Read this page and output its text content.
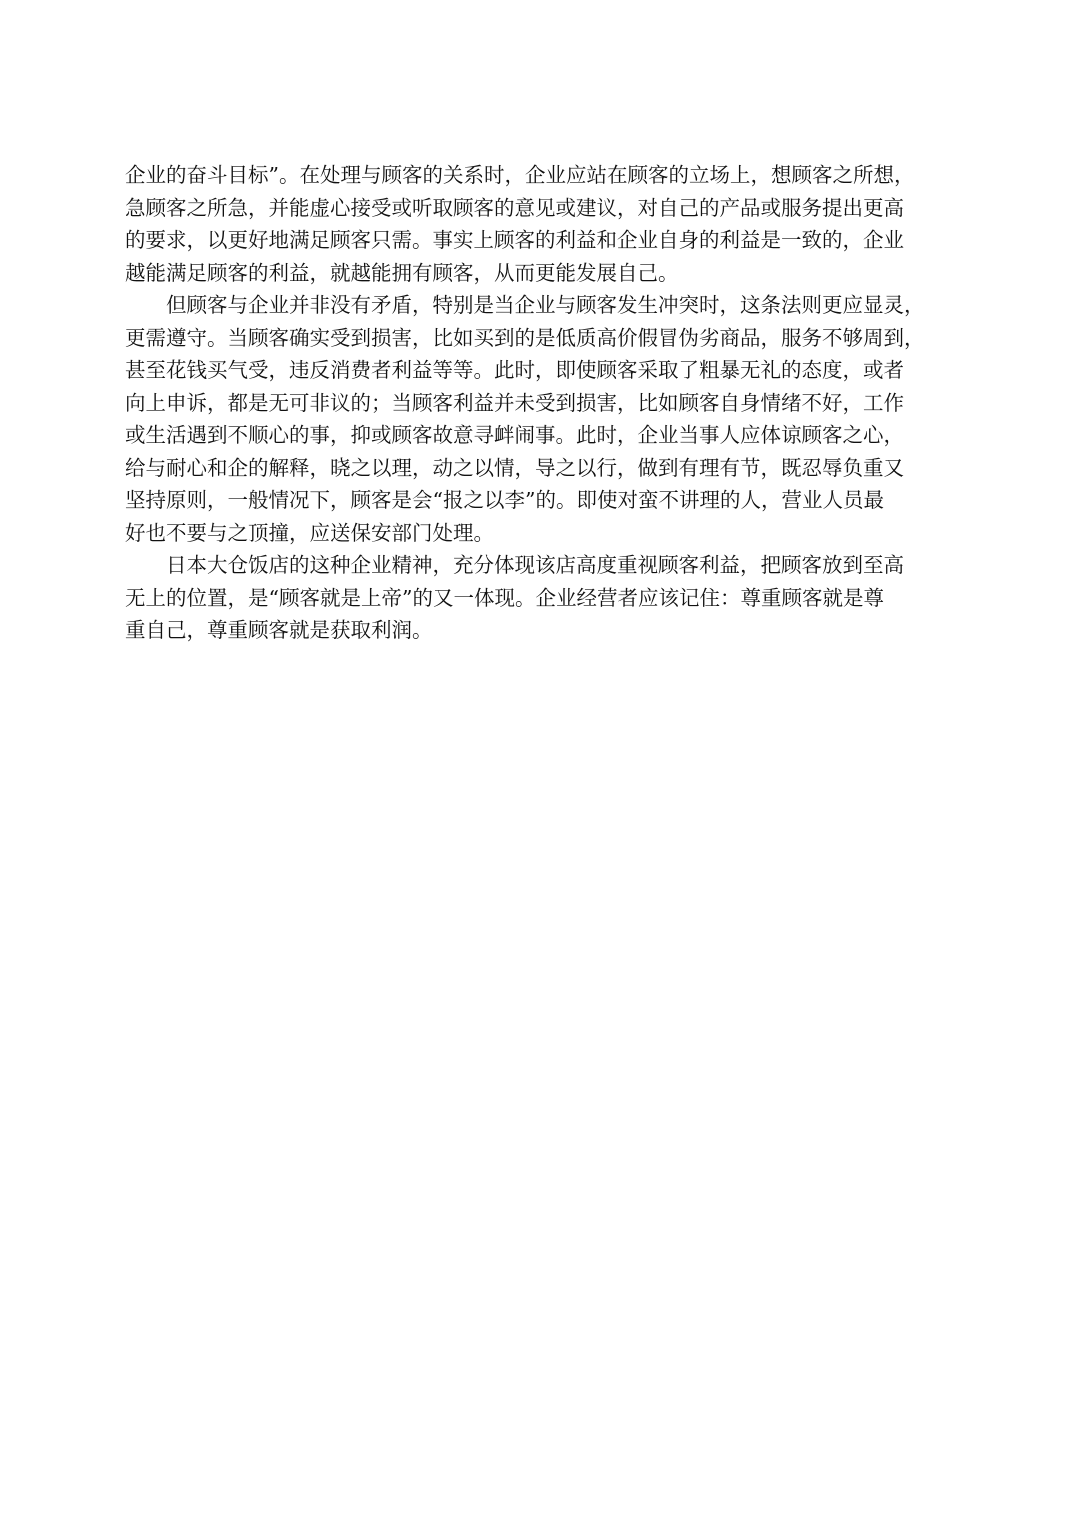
企业的奋斗目标”。在处理与顾客的关系时，企业应站在顾客的立场上，想顾客之所想，
急顾客之所急，并能虚心接受或听取顾客的意见或建议，对自己的产品或服务提出更高
的要求，以更好地满足顾客只需。事实上顾客的利益和企业自身的利益是一致的，企业
越能满足顾客的利益，就越能拥有顾客，从而更能发展自己。
但顾客与企业并非没有矛盾，特别是当企业与顾客发生冲突时，这条法则更应显灵，
更需遵守。当顾客确实受到损害，比如买到的是低质高价假冒伪劣商品，服务不够周到，
甚至花钱买气受，违反消费者利益等等。此时，即使顾客采取了粗暴无礼的态度，或者
向上申诉，都是无可非议的；当顾客利益并未受到损害，比如顾客自身情绪不好，工作
或生活遇到不顺心的事，抑或顾客故意寻衅闹事。此时，企业当事人应体谅顾客之心，
给与耐心和企的解释，晓之以理，动之以情，导之以行，做到有理有节，既忍辱负重又
坚持原则，一般情况下，顾客是会“报之以李”的。即使对蛮不讲理的人，营业人员最
好也不要与之顶撞，应送保安部门处理。
日本大仓饭店的这种企业精神，充分体现该店高度重视顾客利益，把顾客放到至高
无上的位置，是“顾客就是上帝”的又一体现。企业经营者应该记住：尊重顾客就是尊
重自己，尊重顾客就是获取利润。
